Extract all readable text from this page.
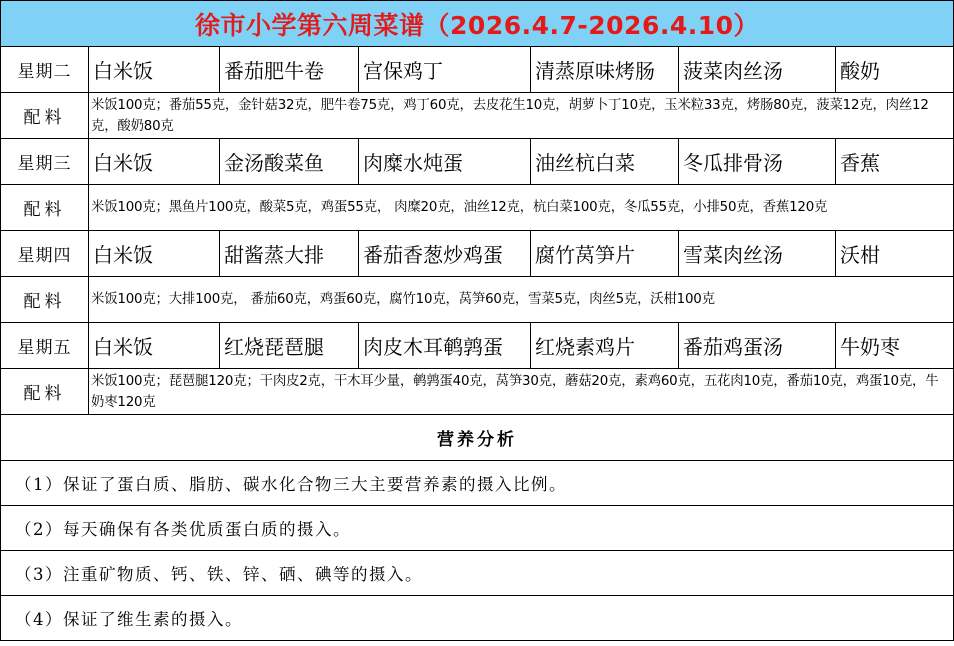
徐市小学第六周菜谱（2026.4.7-2026.4.10）						
星期二	白米饭	番茄肥牛卷	宫保鸡丁	清蒸原味烤肠	菠菜肉丝汤	酸奶
配料	米饭100克；番茄55克，金针菇32克，肥牛卷75克，鸡丁60克，去皮花生10克，胡萝卜丁10克，玉米粒33克，烤肠80克，菠菜12克，肉丝12克，酸奶80克					
星期三	白米饭	金汤酸菜鱼	肉糜水炖蛋	油丝杭白菜	冬瓜排骨汤	香蕉
配料	米饭100克；黑鱼片100克，酸菜5克，鸡蛋55克， 肉糜20克，油丝12克，杭白菜100克，冬瓜55克，小排50克，香蕉120克					
星期四	白米饭	甜酱蒸大排	番茄香葱炒鸡蛋	腐竹莴笋片	雪菜肉丝汤	沃柑
配料	米饭100克；大排100克， 番茄60克，鸡蛋60克，腐竹10克，莴笋60克，雪菜5克，肉丝5克，沃柑100克					
星期五	白米饭	红烧琵琶腿	肉皮木耳鹌鹑蛋	红烧素鸡片	番茄鸡蛋汤	牛奶枣
配料	米饭100克；琵琶腿120克；干肉皮2克，干木耳少量，鹌鹑蛋40克，莴笋30克，蘑菇20克，素鸡60克，五花肉10克，番茄10克，鸡蛋10克，牛奶枣120克					
营养分析						
（1）保证了蛋白质、脂肪、碳水化合物三大主要营养素的摄入比例。						
（2）每天确保有各类优质蛋白质的摄入。						
（3）注重矿物质、钙、铁、锌、硒、碘等的摄入。						
（4）保证了维生素的摄入。						
